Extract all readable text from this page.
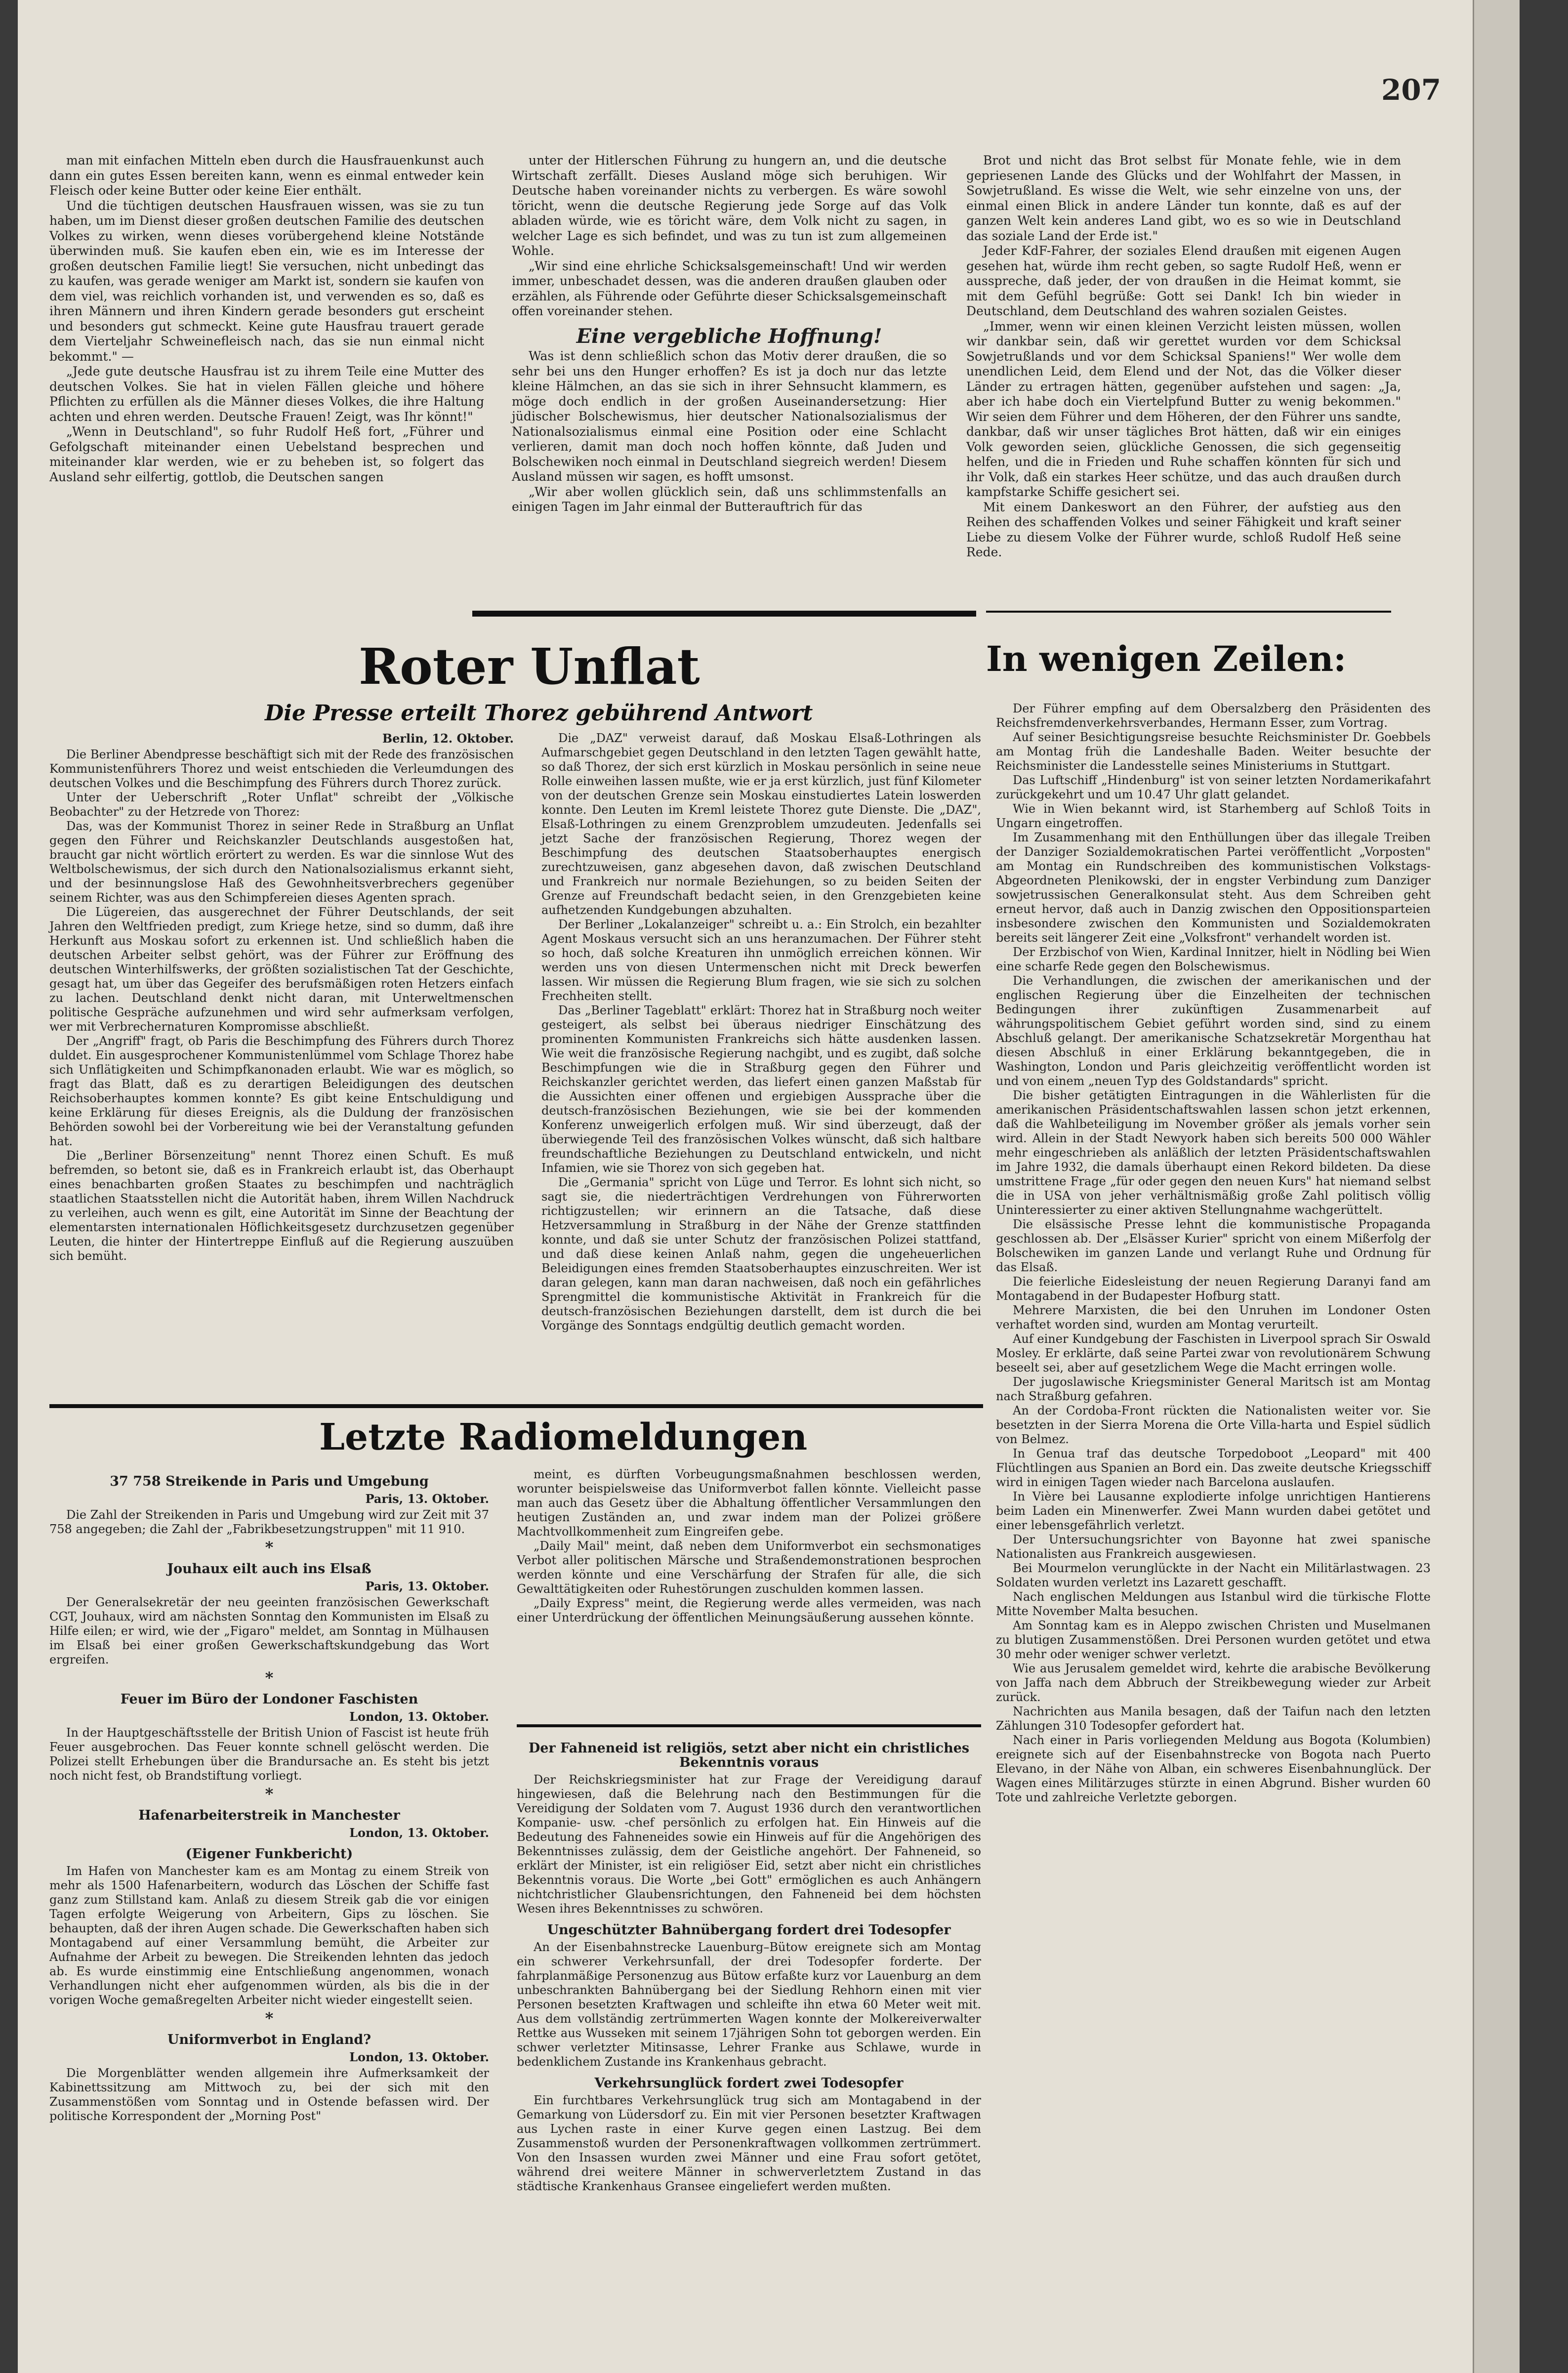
207

man mit einfachen Mitteln eben durch die Hausfrauenkunst auch dann ein gutes Essen bereiten kann, wenn es einmal entweder kein Fleisch oder keine Butter oder keine Eier enthält.

Und die tüchtigen deutschen Hausfrauen wissen, was sie zu tun haben, um im Dienst dieser großen deutschen Familie des deutschen Volkes zu wirken, wenn dieses vorübergehend kleine Notstände überwinden muß. Sie kaufen eben ein, wie es im Interesse der großen deutschen Familie liegt! Sie versuchen, nicht unbedingt das zu kaufen, was gerade weniger am Markt ist, sondern sie kaufen von dem viel, was reichlich vorhanden ist, und verwenden es so, daß es ihren Männern und ihren Kindern gerade besonders gut erscheint und besonders gut schmeckt. Keine gute Hausfrau trauert gerade dem Vierteljahr Schweinefleisch nach, das sie nun einmal nicht bekommt." —

„Jede gute deutsche Hausfrau ist zu ihrem Teile eine Mutter des deutschen Volkes. Sie hat in vielen Fällen gleiche und höhere Pflichten zu erfüllen als die Männer dieses Volkes, die ihre Haltung achten und ehren werden. Deutsche Frauen! Zeigt, was Ihr könnt!"

„Wenn in Deutschland", so fuhr Rudolf Heß fort, „Führer und Gefolgschaft miteinander einen Uebelstand besprechen und miteinander klar werden, wie er zu beheben ist, so folgert das Ausland sehr eilfertig, gottlob, die Deutschen sangen

unter der Hitlerschen Führung zu hungern an, und die deutsche Wirtschaft zerfällt. Dieses Ausland möge sich beruhigen. Wir Deutsche haben voreinander nichts zu verbergen. Es wäre sowohl töricht, wenn die deutsche Regierung jede Sorge auf das Volk abladen würde, wie es töricht wäre, dem Volk nicht zu sagen, in welcher Lage es sich befindet, und was zu tun ist zum allgemeinen Wohle.

„Wir sind eine ehrliche Schicksalsgemeinschaft! Und wir werden immer, unbeschadet dessen, was die anderen draußen glauben oder erzählen, als Führende oder Geführte dieser Schicksalsgemeinschaft offen voreinander stehen.

Eine vergebliche Hoffnung!

Was ist denn schließlich schon das Motiv derer draußen, die so sehr bei uns den Hunger erhoffen? Es ist ja doch nur das letzte kleine Hälmchen, an das sie sich in ihrer Sehnsucht klammern, es möge doch endlich in der großen Auseinandersetzung: Hier jüdischer Bolschewismus, hier deutscher Nationalsozialismus der Nationalsozialismus einmal eine Position oder eine Schlacht verlieren, damit man doch noch hoffen könnte, daß Juden und Bolschewiken noch einmal in Deutschland siegreich werden! Diesem Ausland müssen wir sagen, es hofft umsonst.

„Wir aber wollen glücklich sein, daß uns schlimmstenfalls an einigen Tagen im Jahr einmal der Butterauftrich für das

Brot und nicht das Brot selbst für Monate fehle, wie in dem gepriesenen Lande des Glücks und der Wohlfahrt der Massen, in Sowjetrußland. Es wisse die Welt, wie sehr einzelne von uns, der einmal einen Blick in andere Länder tun konnte, daß es auf der ganzen Welt kein anderes Land gibt, wo es so wie in Deutschland das soziale Land der Erde ist."

Jeder KdF-Fahrer, der soziales Elend draußen mit eigenen Augen gesehen hat, würde ihm recht geben, so sagte Rudolf Heß, wenn er ausspreche, daß jeder, der von draußen in die Heimat kommt, sie mit dem Gefühl begrüße: Gott sei Dank! Ich bin wieder in Deutschland, dem Deutschland des wahren sozialen Geistes.

„Immer, wenn wir einen kleinen Verzicht leisten müssen, wollen wir dankbar sein, daß wir gerettet wurden vor dem Schicksal Sowjetrußlands und vor dem Schicksal Spaniens!" Wer wolle dem unendlichen Leid, dem Elend und der Not, das die Völker dieser Länder zu ertragen hätten, gegenüber aufstehen und sagen: „Ja, aber ich habe doch ein Viertelpfund Butter zu wenig bekommen." Wir seien dem Führer und dem Höheren, der den Führer uns sandte, dankbar, daß wir unser tägliches Brot hätten, daß wir ein einiges Volk geworden seien, glückliche Genossen, die sich gegenseitig helfen, und die in Frieden und Ruhe schaffen könnten für sich und ihr Volk, daß ein starkes Heer schütze, und das auch draußen durch kampfstarke Schiffe gesichert sei.

Mit einem Dankeswort an den Führer, der aufstieg aus den Reihen des schaffenden Volkes und seiner Fähigkeit und kraft seiner Liebe zu diesem Volke der Führer wurde, schloß Rudolf Heß seine Rede.

Roter Unflat
Die Presse erteilt Thorez gebührend Antwort
Berlin, 12. Oktober.

Die Berliner Abendpresse beschäftigt sich mit der Rede des französischen Kommunistenführers Thorez und weist entschieden die Verleumdungen des deutschen Volkes und die Beschimpfung des Führers durch Thorez zurück.

Unter der Ueberschrift „Roter Unflat" schreibt der „Völkische Beobachter" zu der Hetzrede von Thorez:

Das, was der Kommunist Thorez in seiner Rede in Straßburg an Unflat gegen den Führer und Reichskanzler Deutschlands ausgestoßen hat, braucht gar nicht wörtlich erörtert zu werden. Es war die sinnlose Wut des Weltbolschewismus, der sich durch den Nationalsozialismus erkannt sieht, und der besinnungslose Haß des Gewohnheitsverbrechers gegenüber seinem Richter, was aus den Schimpfereien dieses Agenten sprach.

Die Lügereien, das ausgerechnet der Führer Deutschlands, der seit Jahren den Weltfrieden predigt, zum Kriege hetze, sind so dumm, daß ihre Herkunft aus Moskau sofort zu erkennen ist. Und schließlich haben die deutschen Arbeiter selbst gehört, was der Führer zur Eröffnung des deutschen Winterhilfswerks, der größten sozialistischen Tat der Geschichte, gesagt hat, um über das Gegeifer des berufsmäßigen roten Hetzers einfach zu lachen. Deutschland denkt nicht daran, mit Unterweltmenschen politische Gespräche aufzunehmen und wird sehr aufmerksam verfolgen, wer mit Verbrechernaturen Kompromisse abschließt.

Der „Angriff" fragt, ob Paris die Beschimpfung des Führers durch Thorez duldet. Ein ausgesprochener Kommunistenlümmel vom Schlage Thorez habe sich Unflätigkeiten und Schimpfkanonaden erlaubt. Wie war es möglich, so fragt das Blatt, daß es zu derartigen Beleidigungen des deutschen Reichsoberhauptes kommen konnte? Es gibt keine Entschuldigung und keine Erklärung für dieses Ereignis, als die Duldung der französischen Behörden sowohl bei der Vorbereitung wie bei der Veranstaltung gefunden hat.

Die „Berliner Börsenzeitung" nennt Thorez einen Schuft. Es muß befremden, so betont sie, daß es in Frankreich erlaubt ist, das Oberhaupt eines benachbarten großen Staates zu beschimpfen und nachträglich staatlichen Staatsstellen nicht die Autorität haben, ihrem Willen Nachdruck zu verleihen, auch wenn es gilt, eine Autorität im Sinne der Beachtung der elementarsten internationalen Höflichkeitsgesetz durchzusetzen gegenüber Leuten, die hinter der Hintertreppe Einfluß auf die Regierung auszuüben sich bemüht.

Die „DAZ" verweist darauf, daß Moskau Elsaß-Lothringen als Aufmarschgebiet gegen Deutschland in den letzten Tagen gewählt hatte, so daß Thorez, der sich erst kürzlich in Moskau persönlich in seine neue Rolle einweihen lassen mußte, wie er ja erst kürzlich, just fünf Kilometer von der deutschen Grenze sein Moskau einstudiertes Latein loswerden konnte. Den Leuten im Kreml leistete Thorez gute Dienste. Die „DAZ", Elsaß-Lothringen zu einem Grenzproblem umzudeuten. Jedenfalls sei jetzt Sache der französischen Regierung, Thorez wegen der Beschimpfung des deutschen Staatsoberhauptes energisch zurechtzuweisen, ganz abgesehen davon, daß zwischen Deutschland und Frankreich nur normale Beziehungen, so zu beiden Seiten der Grenze auf Freundschaft bedacht seien, in den Grenzgebieten keine aufhetzenden Kundgebungen abzuhalten.

Der Berliner „Lokalanzeiger" schreibt u. a.: Ein Strolch, ein bezahlter Agent Moskaus versucht sich an uns heranzumachen. Der Führer steht so hoch, daß solche Kreaturen ihn unmöglich erreichen können. Wir werden uns von diesen Untermenschen nicht mit Dreck bewerfen lassen. Wir müssen die Regierung Blum fragen, wie sie sich zu solchen Frechheiten stellt.

Das „Berliner Tageblatt" erklärt: Thorez hat in Straßburg noch weiter gesteigert, als selbst bei überaus niedriger Einschätzung des prominenten Kommunisten Frankreichs sich hätte ausdenken lassen. Wie weit die französische Regierung nachgibt, und es zugibt, daß solche Beschimpfungen wie die in Straßburg gegen den Führer und Reichskanzler gerichtet werden, das liefert einen ganzen Maßstab für die Aussichten einer offenen und ergiebigen Aussprache über die deutsch-französischen Beziehungen, wie sie bei der kommenden Konferenz unweigerlich erfolgen muß. Wir sind überzeugt, daß der überwiegende Teil des französischen Volkes wünscht, daß sich haltbare freundschaftliche Beziehungen zu Deutschland entwickeln, und nicht Infamien, wie sie Thorez von sich gegeben hat.

Die „Germania" spricht von Lüge und Terror. Es lohnt sich nicht, so sagt sie, die niederträchtigen Verdrehungen von Führerworten richtigzustellen; wir erinnern an die Tatsache, daß diese Hetzversammlung in Straßburg in der Nähe der Grenze stattfinden konnte, und daß sie unter Schutz der französischen Polizei stattfand, und daß diese keinen Anlaß nahm, gegen die ungeheuerlichen Beleidigungen eines fremden Staatsoberhauptes einzuschreiten. Wer ist daran gelegen, kann man daran nachweisen, daß noch ein gefährliches Sprengmittel die kommunistische Aktivität in Frankreich für die deutsch-französischen Beziehungen darstellt, dem ist durch die bei Vorgänge des Sonntags endgültig deutlich gemacht worden.

Letzte Radiomeldungen
37 758 Streikende in Paris und Umgebung
Paris, 13. Oktober.

Die Zahl der Streikenden in Paris und Umgebung wird zur Zeit mit 37 758 angegeben; die Zahl der „Fabrikbesetzungstruppen" mit 11 910.

*
Jouhaux eilt auch ins Elsaß
Paris, 13. Oktober.

Der Generalsekretär der neu geeinten französischen Gewerkschaft CGT, Jouhaux, wird am nächsten Sonntag den Kommunisten im Elsaß zu Hilfe eilen; er wird, wie der „Figaro" meldet, am Sonntag in Mülhausen im Elsaß bei einer großen Gewerkschaftskundgebung das Wort ergreifen.

*
Feuer im Büro der Londoner Faschisten
London, 13. Oktober.

In der Hauptgeschäftsstelle der British Union of Fascist ist heute früh Feuer ausgebrochen. Das Feuer konnte schnell gelöscht werden. Die Polizei stellt Erhebungen über die Brandursache an. Es steht bis jetzt noch nicht fest, ob Brandstiftung vorliegt.

*
Hafenarbeiterstreik in Manchester
London, 13. Oktober.
(Eigener Funkbericht)

Im Hafen von Manchester kam es am Montag zu einem Streik von mehr als 1500 Hafenarbeitern, wodurch das Löschen der Schiffe fast ganz zum Stillstand kam. Anlaß zu diesem Streik gab die vor einigen Tagen erfolgte Weigerung von Arbeitern, Gips zu löschen. Sie behaupten, daß der ihren Augen schade. Die Gewerkschaften haben sich Montagabend auf einer Versammlung bemüht, die Arbeiter zur Aufnahme der Arbeit zu bewegen. Die Streikenden lehnten das jedoch ab. Es wurde einstimmig eine Entschließung angenommen, wonach Verhandlungen nicht eher aufgenommen würden, als bis die in der vorigen Woche gemaßregelten Arbeiter nicht wieder eingestellt seien.

*
Uniformverbot in England?
London, 13. Oktober.

Die Morgenblätter wenden allgemein ihre Aufmerksamkeit der Kabinettssitzung am Mittwoch zu, bei der sich mit den Zusammenstößen vom Sonntag und in Ostende befassen wird. Der politische Korrespondent der „Morning Post"

meint, es dürften Vorbeugungsmaßnahmen beschlossen werden, worunter beispielsweise das Uniformverbot fallen könnte. Vielleicht passe man auch das Gesetz über die Abhaltung öffentlicher Versammlungen den heutigen Zuständen an, und zwar indem man der Polizei größere Machtvollkommenheit zum Eingreifen gebe.

„Daily Mail" meint, daß neben dem Uniformverbot ein sechsmonatiges Verbot aller politischen Märsche und Straßendemonstrationen besprochen werden könnte und eine Verschärfung der Strafen für alle, die sich Gewalttätigkeiten oder Ruhestörungen zuschulden kommen lassen.

„Daily Express" meint, die Regierung werde alles vermeiden, was nach einer Unterdrückung der öffentlichen Meinungsäußerung aussehen könnte.

Der Fahneneid ist religiös, setzt aber nicht ein christliches Bekenntnis voraus

Der Reichskriegsminister hat zur Frage der Vereidigung darauf hingewiesen, daß die Belehrung nach den Bestimmungen für die Vereidigung der Soldaten vom 7. August 1936 durch den verantwortlichen Kompanie- usw. -chef persönlich zu erfolgen hat. Ein Hinweis auf die Bedeutung des Fahneneides sowie ein Hinweis auf für die Angehörigen des Bekenntnisses zulässig, dem der Geistliche angehört. Der Fahneneid, so erklärt der Minister, ist ein religiöser Eid, setzt aber nicht ein christliches Bekenntnis voraus. Die Worte „bei Gott" ermöglichen es auch Anhängern nichtchristlicher Glaubensrichtungen, den Fahneneid bei dem höchsten Wesen ihres Bekenntnisses zu schwören.

Ungeschützter Bahnübergang fordert drei Todesopfer

An der Eisenbahnstrecke Lauenburg–Bütow ereignete sich am Montag ein schwerer Verkehrsunfall, der drei Todesopfer forderte. Der fahrplanmäßige Personenzug aus Bütow erfaßte kurz vor Lauenburg an dem unbeschrankten Bahnübergang bei der Siedlung Rehhorn einen mit vier Personen besetzten Kraftwagen und schleifte ihn etwa 60 Meter weit mit. Aus dem vollständig zertrümmerten Wagen konnte der Molkereiverwalter Rettke aus Wusseken mit seinem 17jährigen Sohn tot geborgen werden. Ein schwer verletzter Mitinsasse, Lehrer Franke aus Schlawe, wurde in bedenklichem Zustande ins Krankenhaus gebracht.

Verkehrsunglück fordert zwei Todesopfer

Ein furchtbares Verkehrsunglück trug sich am Montagabend in der Gemarkung von Lüdersdorf zu. Ein mit vier Personen besetzter Kraftwagen aus Lychen raste in einer Kurve gegen einen Lastzug. Bei dem Zusammenstoß wurden der Personenkraftwagen vollkommen zertrümmert. Von den Insassen wurden zwei Männer und eine Frau sofort getötet, während drei weitere Männer in schwerverletztem Zustand in das städtische Krankenhaus Gransee eingeliefert werden mußten.

In wenigen Zeilen:

Der Führer empfing auf dem Obersalzberg den Präsidenten des Reichsfremdenverkehrsverbandes, Hermann Esser, zum Vortrag.

Auf seiner Besichtigungsreise besuchte Reichsminister Dr. Goebbels am Montag früh die Landeshalle Baden. Weiter besuchte der Reichsminister die Landesstelle seines Ministeriums in Stuttgart.

Das Luftschiff „Hindenburg" ist von seiner letzten Nordamerikafahrt zurückgekehrt und um 10.47 Uhr glatt gelandet.

Wie in Wien bekannt wird, ist Starhemberg auf Schloß Toits in Ungarn eingetroffen.

Im Zusammenhang mit den Enthüllungen über das illegale Treiben der Danziger Sozialdemokratischen Partei veröffentlicht „Vorposten" am Montag ein Rundschreiben des kommunistischen Volkstags-Abgeordneten Plenikowski, der in engster Verbindung zum Danziger sowjetrussischen Generalkonsulat steht. Aus dem Schreiben geht erneut hervor, daß auch in Danzig zwischen den Oppositionsparteien insbesondere zwischen den Kommunisten und Sozialdemokraten bereits seit längerer Zeit eine „Volksfront" verhandelt worden ist.

Der Erzbischof von Wien, Kardinal Innitzer, hielt in Nödling bei Wien eine scharfe Rede gegen den Bolschewismus.

Die Verhandlungen, die zwischen der amerikanischen und der englischen Regierung über die Einzelheiten der technischen Bedingungen ihrer zukünftigen Zusammenarbeit auf währungspolitischem Gebiet geführt worden sind, sind zu einem Abschluß gelangt. Der amerikanische Schatzsekretär Morgenthau hat diesen Abschluß in einer Erklärung bekanntgegeben, die in Washington, London und Paris gleichzeitig veröffentlicht worden ist und von einem „neuen Typ des Goldstandards" spricht.

Die bisher getätigten Eintragungen in die Wählerlisten für die amerikanischen Präsidentschaftswahlen lassen schon jetzt erkennen, daß die Wahlbeteiligung im November größer als jemals vorher sein wird. Allein in der Stadt Newyork haben sich bereits 500 000 Wähler mehr eingeschrieben als anläßlich der letzten Präsidentschaftswahlen im Jahre 1932, die damals überhaupt einen Rekord bildeten. Da diese umstrittene Frage „für oder gegen den neuen Kurs" hat niemand selbst die in USA von jeher verhältnismäßig große Zahl politisch völlig Uninteressierter zu einer aktiven Stellungnahme wachgerüttelt.

Die elsässische Presse lehnt die kommunistische Propaganda geschlossen ab. Der „Elsässer Kurier" spricht von einem Mißerfolg der Bolschewiken im ganzen Lande und verlangt Ruhe und Ordnung für das Elsaß.

Die feierliche Eidesleistung der neuen Regierung Daranyi fand am Montagabend in der Budapester Hofburg statt.

Mehrere Marxisten, die bei den Unruhen im Londoner Osten verhaftet worden sind, wurden am Montag verurteilt.

Auf einer Kundgebung der Faschisten in Liverpool sprach Sir Oswald Mosley. Er erklärte, daß seine Partei zwar von revolutionärem Schwung beseelt sei, aber auf gesetzlichem Wege die Macht erringen wolle.

Der jugoslawische Kriegsminister General Maritsch ist am Montag nach Straßburg gefahren.

An der Cordoba-Front rückten die Nationalisten weiter vor. Sie besetzten in der Sierra Morena die Orte Villa-harta und Espiel südlich von Belmez.

In Genua traf das deutsche Torpedoboot „Leopard" mit 400 Flüchtlingen aus Spanien an Bord ein. Das zweite deutsche Kriegsschiff wird in einigen Tagen wieder nach Barcelona auslaufen.

In Vière bei Lausanne explodierte infolge unrichtigen Hantierens beim Laden ein Minenwerfer. Zwei Mann wurden dabei getötet und einer lebensgefährlich verletzt.

Der Untersuchungsrichter von Bayonne hat zwei spanische Nationalisten aus Frankreich ausgewiesen.

Bei Mourmelon verunglückte in der Nacht ein Militärlastwagen. 23 Soldaten wurden verletzt ins Lazarett geschafft.

Nach englischen Meldungen aus Istanbul wird die türkische Flotte Mitte November Malta besuchen.

Am Sonntag kam es in Aleppo zwischen Christen und Muselmanen zu blutigen Zusammenstößen. Drei Personen wurden getötet und etwa 30 mehr oder weniger schwer verletzt.

Wie aus Jerusalem gemeldet wird, kehrte die arabische Bevölkerung von Jaffa nach dem Abbruch der Streikbewegung wieder zur Arbeit zurück.

Nachrichten aus Manila besagen, daß der Taifun nach den letzten Zählungen 310 Todesopfer gefordert hat.

Nach einer in Paris vorliegenden Meldung aus Bogota (Kolumbien) ereignete sich auf der Eisenbahnstrecke von Bogota nach Puerto Elevano, in der Nähe von Alban, ein schweres Eisenbahnunglück. Der Wagen eines Militärzuges stürzte in einen Abgrund. Bisher wurden 60 Tote und zahlreiche Verletzte geborgen.
